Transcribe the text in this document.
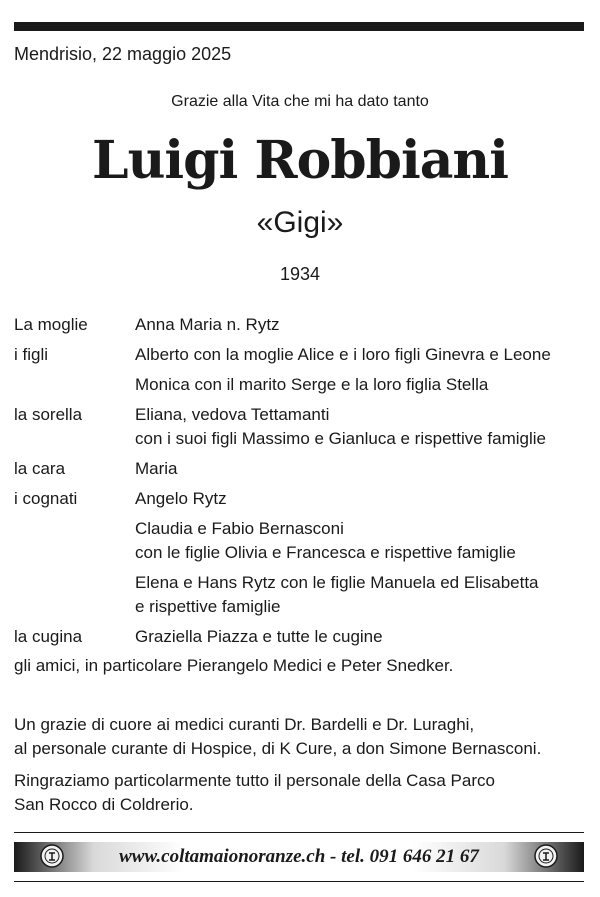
Mendrisio, 22 maggio 2025
Grazie alla Vita che mi ha dato tanto
Luigi Robbiani
«Gigi»
1934
La moglie	Anna Maria n. Rytz
i figli	Alberto con la moglie Alice e i loro figli Ginevra e Leone
Monica con il marito Serge e la loro figlia Stella
la sorella	Eliana, vedova Tettamanti
con i suoi figli Massimo e Gianluca e rispettive famiglie
la cara	Maria
i cognati	Angelo Rytz
Claudia e Fabio Bernasconi
con le figlie Olivia e Francesca e rispettive famiglie
Elena e Hans Rytz con le figlie Manuela ed Elisabetta
e rispettive famiglie
la cugina	Graziella Piazza e tutte le cugine
gli amici, in particolare Pierangelo Medici e Peter Snedker.

Un grazie di cuore ai medici curanti Dr. Bardelli e Dr. Luraghi,
al personale curante di Hospice, di K Cure, a don Simone Bernasconi.

Ringraziamo particolarmente tutto il personale della Casa Parco
San Rocco di Coldrerio.

www.coltamaionoranze.ch - tel. 091 646 21 67
